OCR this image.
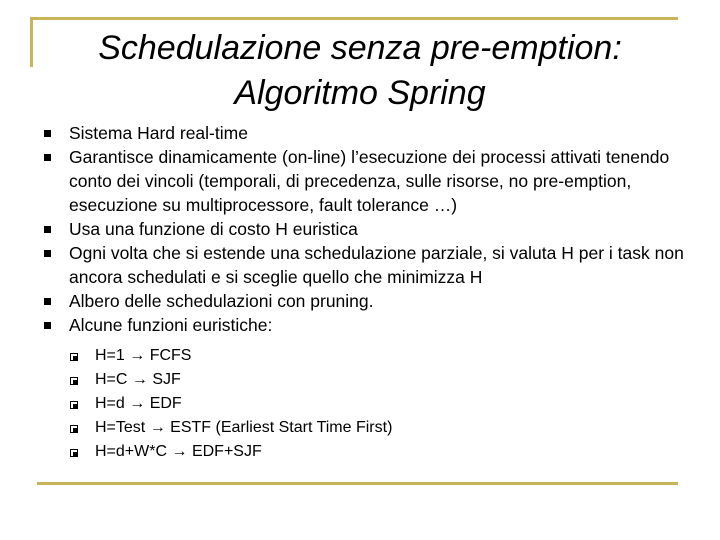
Schedulazione senza pre-emption:
Algoritmo Spring
Sistema Hard real-time
Garantisce dinamicamente (on-line) l’esecuzione dei processi attivati tenendo conto dei vincoli (temporali, di precedenza, sulle risorse, no pre-emption, esecuzione su multiprocessore, fault tolerance …)
Usa una funzione di costo H euristica
Ogni volta che si estende una schedulazione parziale, si valuta H per i task non ancora schedulati e si sceglie quello che minimizza H
Albero delle schedulazioni con pruning.
Alcune funzioni euristiche:
H=1 → FCFS
H=C → SJF
H=d → EDF
H=Test → ESTF (Earliest Start Time First)
H=d+W*C → EDF+SJF
